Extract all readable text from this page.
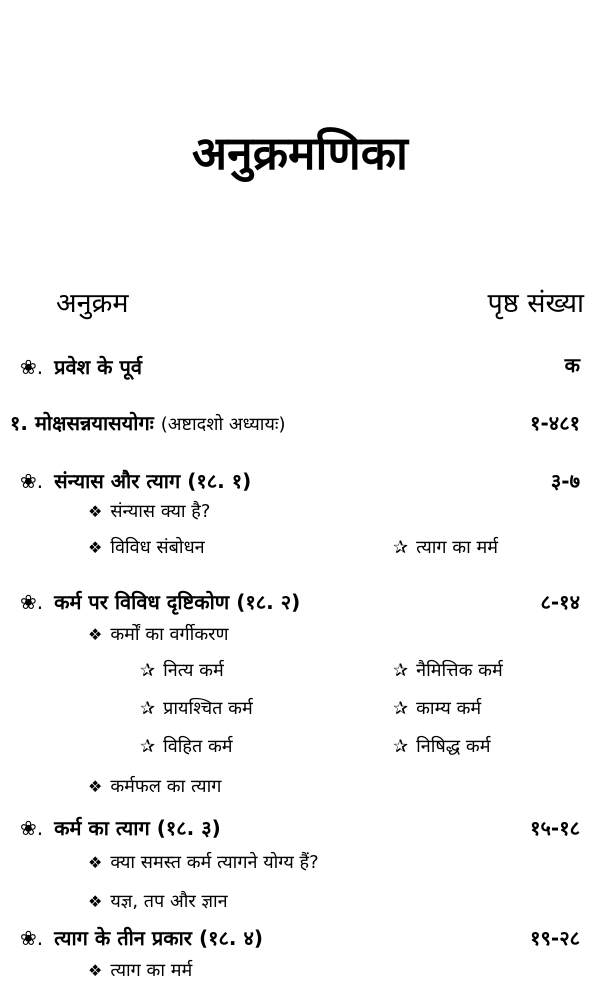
अनुक्रमणिका
अनुक्रम	पृष्ठ संख्या
❀. प्रवेश के पूर्व	क
१. मोक्षसन्नयासयोगः (अष्टादशो अध्यायः)	१-४८१
❀. संन्यास और त्याग (१८. १)	३-७
❖ संन्यास क्या है?
❖ विविध संबोधन	✰ त्याग का मर्म
❀. कर्म पर विविध दृष्टिकोण (१८. २)	८-१४
❖ कर्मों का वर्गीकरण
✰ नित्य कर्म	✰ नैमित्तिक कर्म
✰ प्रायश्चित कर्म	✰ काम्य कर्म
✰ विहित कर्म	✰ निषिद्ध कर्म
❖ कर्मफल का त्याग
❀. कर्म का त्याग (१८. ३)	१५-१८
❖ क्या समस्त कर्म त्यागने योग्य हैं?
❖ यज्ञ, तप और ज्ञान
❀. त्याग के तीन प्रकार (१८. ४)	१९-२८
❖ त्याग का मर्म
